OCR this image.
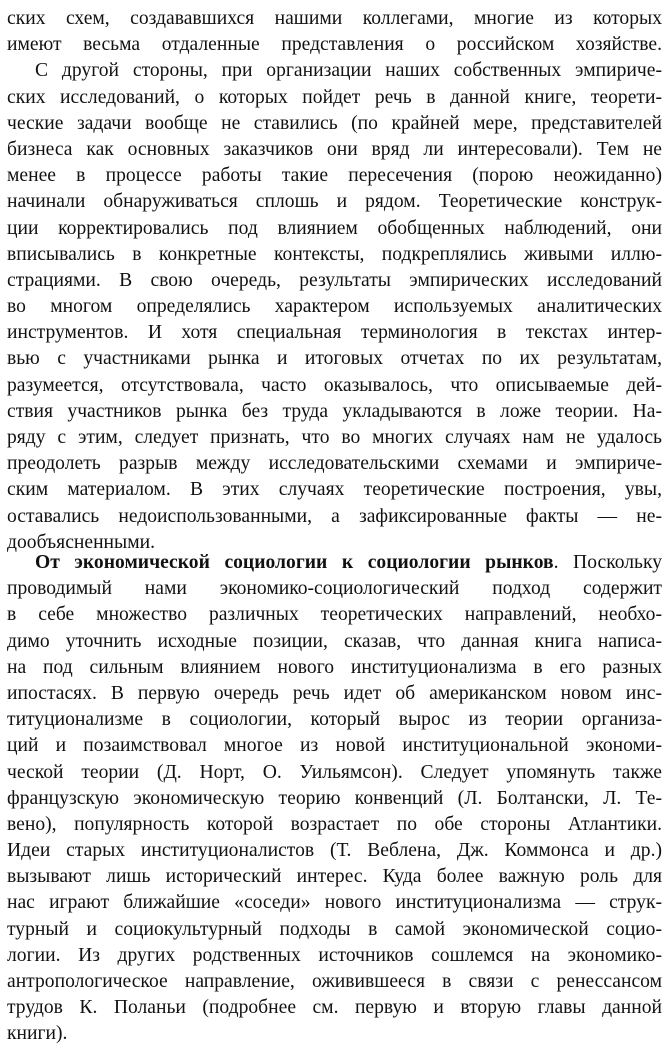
ских схем, создававшихся нашими коллегами, многие из которых
имеют весьма отдаленные представления о российском хозяйстве.
С другой стороны, при организации наших собственных эмпириче-
ских исследований, о которых пойдет речь в данной книге, теорети-
ческие задачи вообще не ставились (по крайней мере, представителей
бизнеса как основных заказчиков они вряд ли интересовали). Тем не
менее в процессе работы такие пересечения (порою неожиданно)
начинали обнаруживаться сплошь и рядом. Теоретические конструк-
ции корректировались под влиянием обобщенных наблюдений, они
вписывались в конкретные контексты, подкреплялись живыми иллю-
страциями. В свою очередь, результаты эмпирических исследований
во многом определялись характером используемых аналитических
инструментов. И хотя специальная терминология в текстах интер-
вью с участниками рынка и итоговых отчетах по их результатам,
разумеется, отсутствовала, часто оказывалось, что описываемые дей-
ствия участников рынка без труда укладываются в ложе теории. На-
ряду с этим, следует признать, что во многих случаях нам не удалось
преодолеть разрыв между исследовательскими схемами и эмпириче-
ским материалом. В этих случаях теоретические построения, увы,
оставались недоиспользованными, а зафиксированные факты — не-
дообъясненными.
От экономической социологии к социологии рынков. Поскольку
проводимый нами экономико-социологический подход содержит
в себе множество различных теоретических направлений, необхо-
димо уточнить исходные позиции, сказав, что данная книга написа-
на под сильным влиянием нового институционализма в его разных
ипостасях. В первую очередь речь идет об американском новом инс-
титуционализме в социологии, который вырос из теории организа-
ций и позаимствовал многое из новой институциональной экономи-
ческой теории (Д. Норт, О. Уильямсон). Следует упомянуть также
французскую экономическую теорию конвенций (Л. Болтански, Л. Те-
вено), популярность которой возрастает по обе стороны Атлантики.
Идеи старых институционалистов (Т. Веблена, Дж. Коммонса и др.)
вызывают лишь исторический интерес. Куда более важную роль для
нас играют ближайшие «соседи» нового институционализма — струк-
турный и социокультурный подходы в самой экономической социо-
логии. Из других родственных источников сошлемся на экономико-
антропологическое направление, оживившееся в связи с ренессансом
трудов К. Поланьи (подробнее см. первую и вторую главы данной
книги).
